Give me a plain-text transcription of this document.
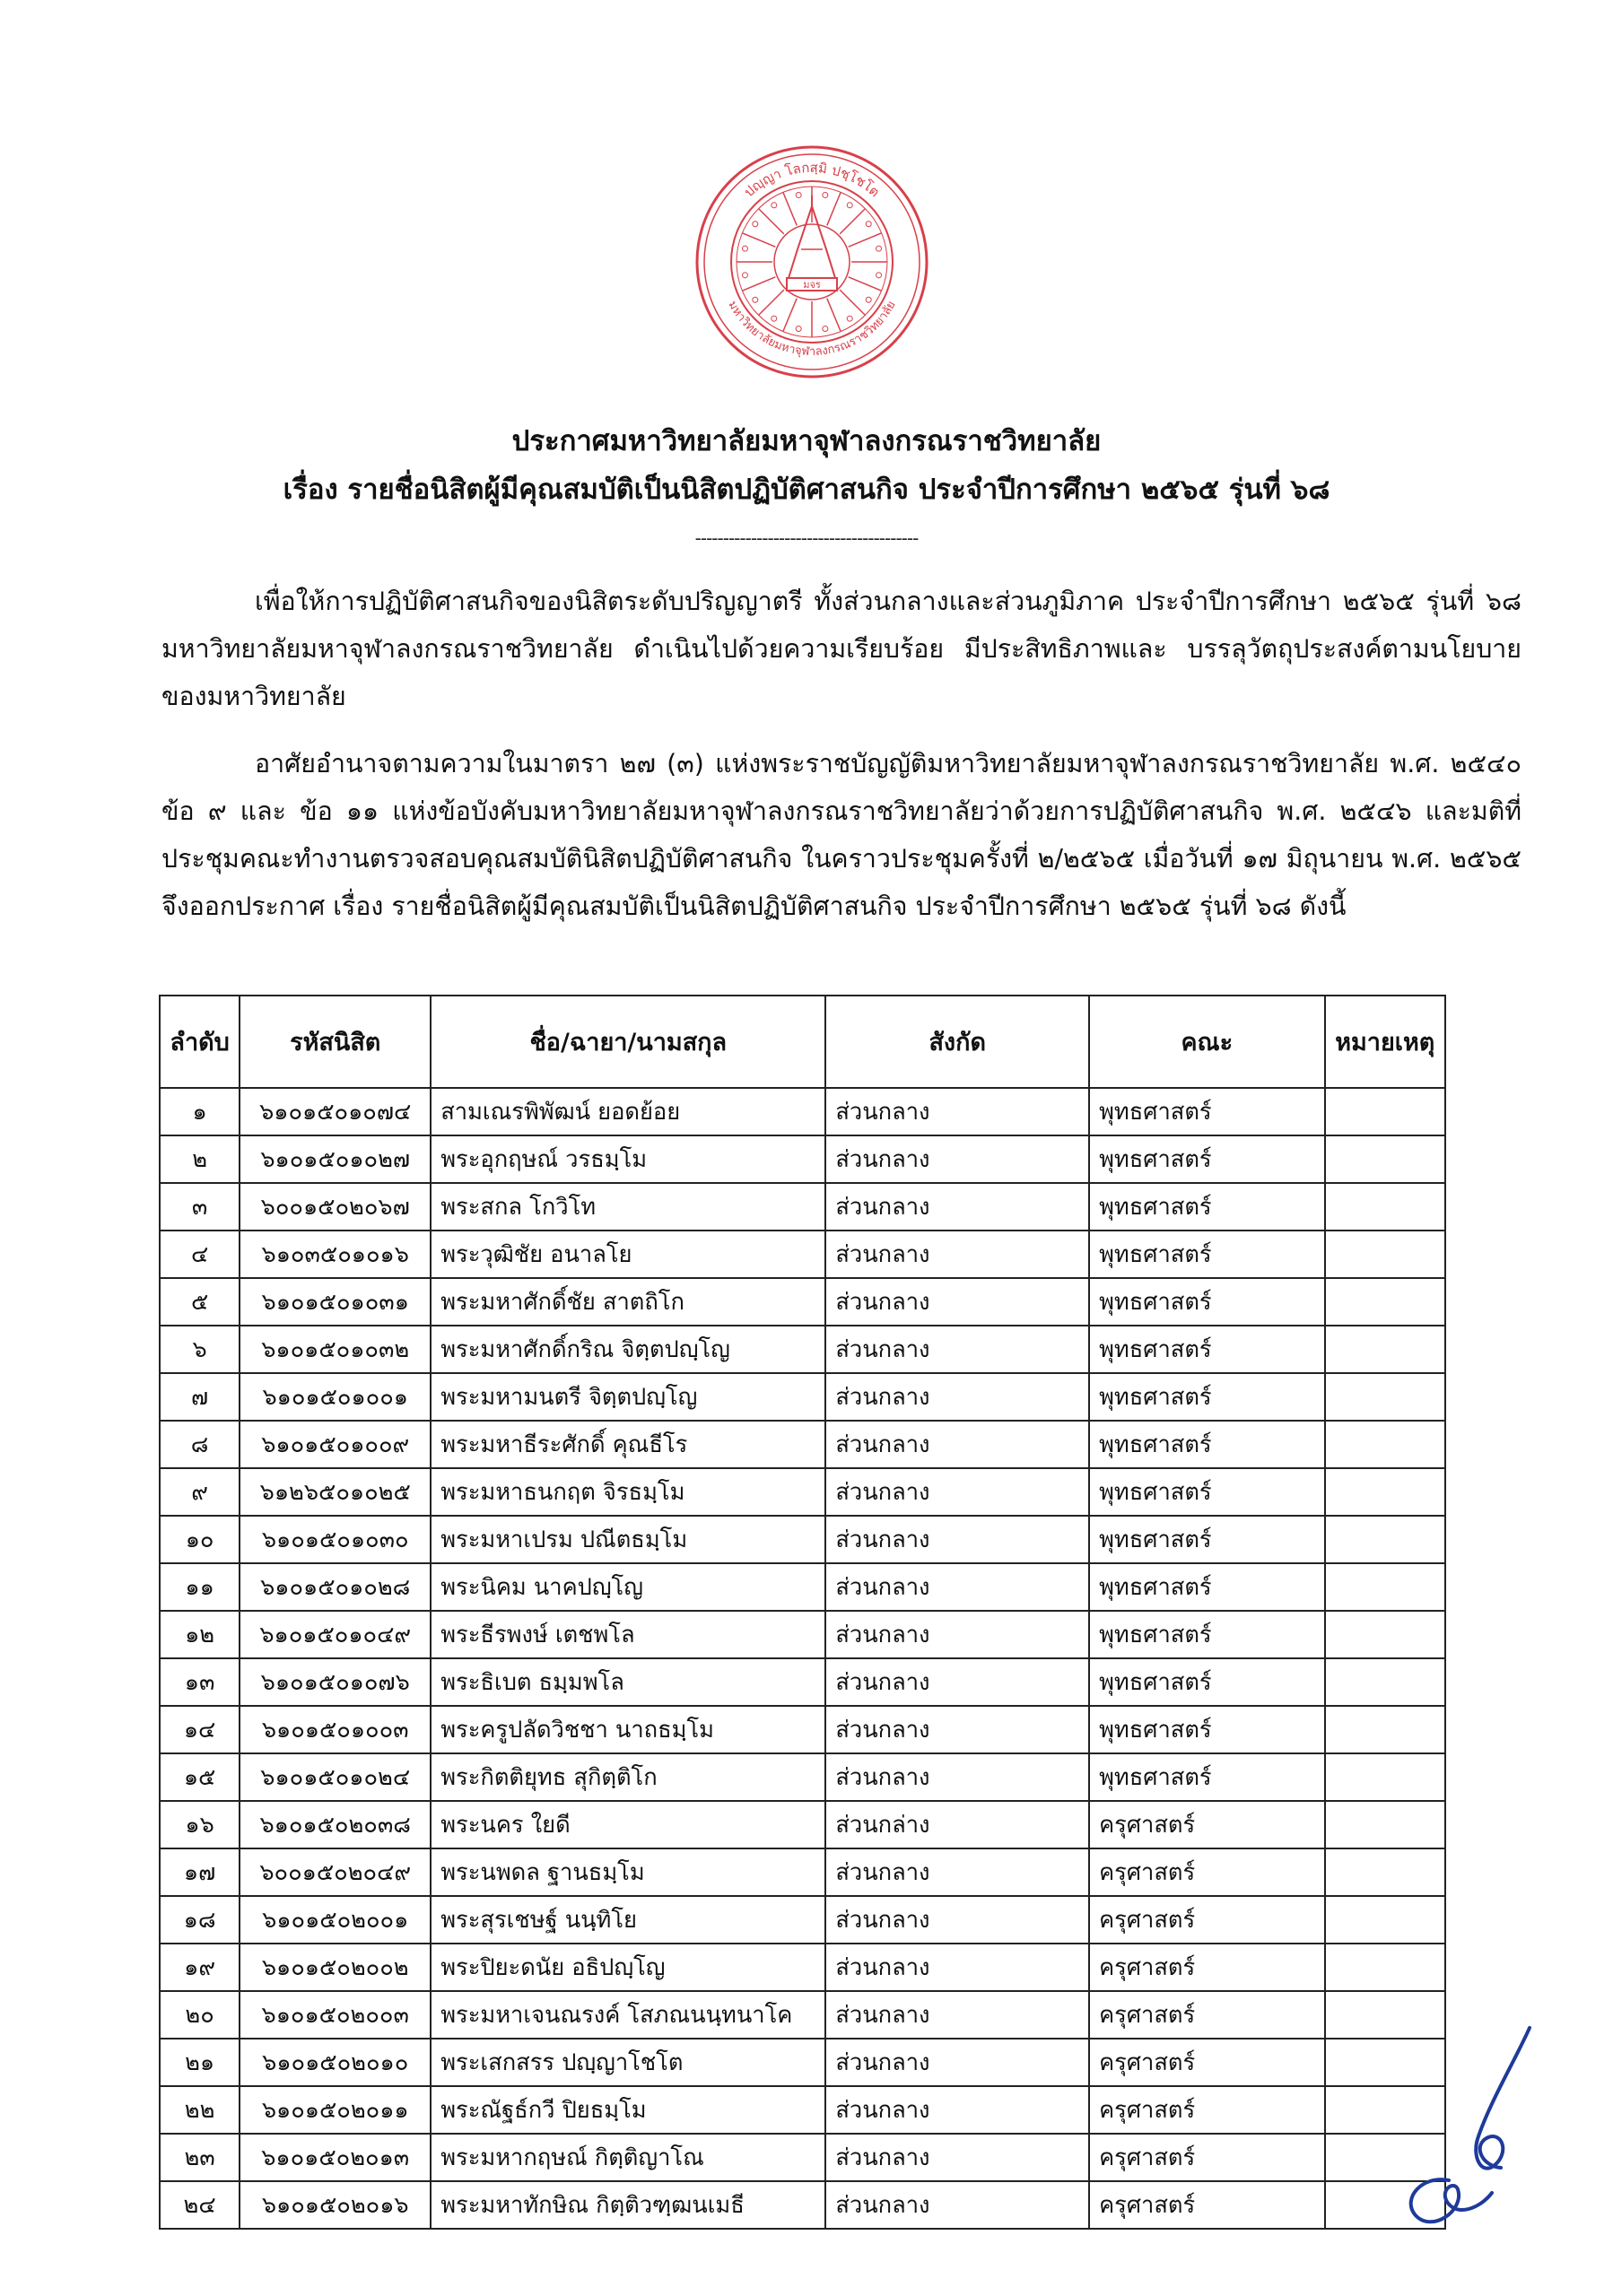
ปญฺญา โลกสฺมิ ปชฺโชโต
มหาวิทยาลัยมหาจุฬาลงกรณราชวิทยาลัย
มจร
ประกาศมหาวิทยาลัยมหาจุฬาลงกรณราชวิทยาลัย
เรื่อง รายชื่อนิสิตผู้มีคุณสมบัติเป็นนิสิตปฏิบัติศาสนกิจ ประจำปีการศึกษา ๒๕๖๕ รุ่นที่ ๖๘
----------------------------------------
เพื่อให้การปฏิบัติศาสนกิจของนิสิตระดับปริญญาตรี ทั้งส่วนกลางและส่วนภูมิภาค ประจำปีการศึกษา ๒๕๖๕ รุ่นที่ ๖๘ มหาวิทยาลัยมหาจุฬาลงกรณราชวิทยาลัย ดำเนินไปด้วยความเรียบร้อย มีประสิทธิภาพและ บรรลุวัตถุประสงค์ตามนโยบายของมหาวิทยาลัย
อาศัยอำนาจตามความในมาตรา ๒๗ (๓) แห่งพระราชบัญญัติมหาวิทยาลัยมหาจุฬาลงกรณราชวิทยาลัย พ.ศ. ๒๕๔๐ ข้อ ๙ และ ข้อ ๑๑ แห่งข้อบังคับมหาวิทยาลัยมหาจุฬาลงกรณราชวิทยาลัยว่าด้วยการปฏิบัติศาสนกิจ พ.ศ. ๒๕๔๖ และมติที่ประชุมคณะทำงานตรวจสอบคุณสมบัตินิสิตปฏิบัติศาสนกิจ ในคราวประชุมครั้งที่ ๒/๒๕๖๕ เมื่อวันที่ ๑๗ มิถุนายน พ.ศ. ๒๕๖๕ จึงออกประกาศ เรื่อง รายชื่อนิสิตผู้มีคุณสมบัติเป็นนิสิตปฏิบัติศาสนกิจ ประจำปีการศึกษา ๒๕๖๕ รุ่นที่ ๖๘ ดังนี้
ลำดับ	รหัสนิสิต	ชื่อ/ฉายา/นามสกุล	สังกัด	คณะ	หมายเหตุ
๑	๖๑๐๑๕๐๑๐๗๔	สามเณรพิพัฒน์ ยอดย้อย	ส่วนกลาง	พุทธศาสตร์	
๒	๖๑๐๑๕๐๑๐๒๗	พระอุกฤษณ์ วรธมฺโม	ส่วนกลาง	พุทธศาสตร์	
๓	๖๐๐๑๕๐๒๐๖๗	พระสกล โกวิโท	ส่วนกลาง	พุทธศาสตร์	
๔	๖๑๐๓๕๐๑๐๑๖	พระวุฒิชัย อนาลโย	ส่วนกลาง	พุทธศาสตร์	
๕	๖๑๐๑๕๐๑๐๓๑	พระมหาศักดิ์ชัย สาตถิโก	ส่วนกลาง	พุทธศาสตร์	
๖	๖๑๐๑๕๐๑๐๓๒	พระมหาศักดิ์กริณ จิตฺตปญฺโญ	ส่วนกลาง	พุทธศาสตร์	
๗	๖๑๐๑๕๐๑๐๐๑	พระมหามนตรี จิตฺตปญฺโญ	ส่วนกลาง	พุทธศาสตร์	
๘	๖๑๐๑๕๐๑๐๐๙	พระมหาธีระศักดิ์ คุณธีโร	ส่วนกลาง	พุทธศาสตร์	
๙	๖๑๒๖๕๐๑๐๒๕	พระมหาธนกฤต จิรธมฺโม	ส่วนกลาง	พุทธศาสตร์	
๑๐	๖๑๐๑๕๐๑๐๓๐	พระมหาเปรม ปณีตธมฺโม	ส่วนกลาง	พุทธศาสตร์	
๑๑	๖๑๐๑๕๐๑๐๒๘	พระนิคม นาคปญฺโญ	ส่วนกลาง	พุทธศาสตร์	
๑๒	๖๑๐๑๕๐๑๐๔๙	พระธีรพงษ์ เตชพโล	ส่วนกลาง	พุทธศาสตร์	
๑๓	๖๑๐๑๕๐๑๐๗๖	พระธิเบต ธมฺมพโล	ส่วนกลาง	พุทธศาสตร์	
๑๔	๖๑๐๑๕๐๑๐๐๓	พระครูปลัดวิชชา นาถธมฺโม	ส่วนกลาง	พุทธศาสตร์	
๑๕	๖๑๐๑๕๐๑๐๒๔	พระกิตติยุทธ สุกิตฺติโก	ส่วนกลาง	พุทธศาสตร์	
๑๖	๖๑๐๑๕๐๒๐๓๘	พระนคร ใยดี	ส่วนกล่าง	ครุศาสตร์	
๑๗	๖๐๐๑๕๐๒๐๔๙	พระนพดล ฐานธมฺโม	ส่วนกลาง	ครุศาสตร์	
๑๘	๖๑๐๑๕๐๒๐๐๑	พระสุรเชษฐ์ นนฺทิโย	ส่วนกลาง	ครุศาสตร์	
๑๙	๖๑๐๑๕๐๒๐๐๒	พระปิยะดนัย อธิปญฺโญ	ส่วนกลาง	ครุศาสตร์	
๒๐	๖๑๐๑๕๐๒๐๐๓	พระมหาเจนณรงค์ โสภณนนฺทนาโค	ส่วนกลาง	ครุศาสตร์	
๒๑	๖๑๐๑๕๐๒๐๑๐	พระเสกสรร ปญฺญาโชโต	ส่วนกลาง	ครุศาสตร์	
๒๒	๖๑๐๑๕๐๒๐๑๑	พระณัฐธ์กวี ปิยธมฺโม	ส่วนกลาง	ครุศาสตร์	
๒๓	๖๑๐๑๕๐๒๐๑๓	พระมหากฤษณ์ กิตฺติญาโณ	ส่วนกลาง	ครุศาสตร์	
๒๔	๖๑๐๑๕๐๒๐๑๖	พระมหาทักษิณ กิตฺติวฑฺฒนเมธี	ส่วนกลาง	ครุศาสตร์	
